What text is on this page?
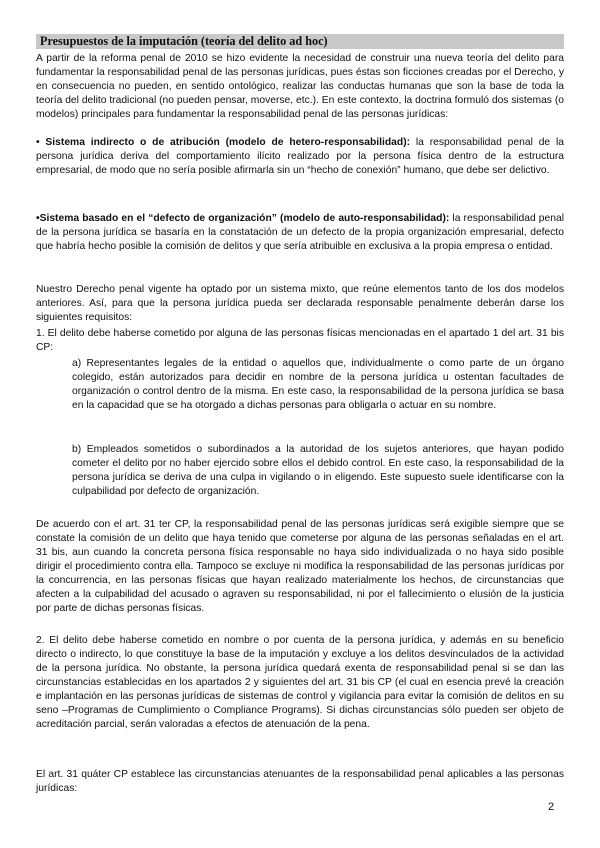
Presupuestos de la imputación (teoría del delito ad hoc)

A partir de la reforma penal de 2010 se hizo evidente la necesidad de construir una nueva teoría del delito para fundamentar la responsabilidad penal de las personas jurídicas, pues éstas son ficciones creadas por el Derecho, y en consecuencia no pueden, en sentido ontológico, realizar las conductas humanas que son la base de toda la teoría del delito tradicional (no pueden pensar, moverse, etc.). En este contexto, la doctrina formuló dos sistemas (o modelos) principales para fundamentar la responsabilidad penal de las personas jurídicas:

• Sistema indirecto o de atribución (modelo de hetero-responsabilidad): la responsabilidad penal de la persona jurídica deriva del comportamiento ilícito realizado por la persona física dentro de la estructura empresarial, de modo que no sería posible afirmarla sin un “hecho de conexión” humano, que debe ser delictivo.

•Sistema basado en el “defecto de organización” (modelo de auto-responsabilidad): la responsabilidad penal de la persona jurídica se basaría en la constatación de un defecto de la propia organización empresarial, defecto que habría hecho posible la comisión de delitos y que sería atribuible en exclusiva a la propia empresa o entidad.

Nuestro Derecho penal vigente ha optado por un sistema mixto, que reúne elementos tanto de los dos modelos anteriores. Así, para que la persona jurídica pueda ser declarada responsable penalmente deberán darse los siguientes requisitos:

1. El delito debe haberse cometido por alguna de las personas físicas mencionadas en el apartado 1 del art. 31 bis CP:

a) Representantes legales de la entidad o aquellos que, individualmente o como parte de un órgano colegido, están autorizados para decidir en nombre de la persona jurídica u ostentan facultades de organización o control dentro de la misma. En este caso, la responsabilidad de la persona jurídica se basa en la capacidad que se ha otorgado a dichas personas para obligarla o actuar en su nombre.

b) Empleados sometidos o subordinados a la autoridad de los sujetos anteriores, que hayan podido cometer el delito por no haber ejercido sobre ellos el debido control. En este caso, la responsabilidad de la persona jurídica se deriva de una culpa in vigilando o in eligendo. Este supuesto suele identificarse con la culpabilidad por defecto de organización.

De acuerdo con el art. 31 ter CP, la responsabilidad penal de las personas jurídicas será exigible siempre que se constate la comisión de un delito que haya tenido que cometerse por alguna de las personas señaladas en el art. 31 bis, aun cuando la concreta persona física responsable no haya sido individualizada o no haya sido posible dirigir el procedimiento contra ella. Tampoco se excluye ni modifica la responsabilidad de las personas jurídicas por la concurrencia, en las personas físicas que hayan realizado materialmente los hechos, de circunstancias que afecten a la culpabilidad del acusado o agraven su responsabilidad, ni por el fallecimiento o elusión de la justicia por parte de dichas personas físicas.

2. El delito debe haberse cometido en nombre o por cuenta de la persona jurídica, y además en su beneficio directo o indirecto, lo que constituye la base de la imputación y excluye a los delitos desvinculados de la actividad de la persona jurídica. No obstante, la persona jurídica quedará exenta de responsabilidad penal si se dan las circunstancias establecidas en los apartados 2 y siguientes del art. 31 bis CP (el cual en esencia prevé la creación e implantación en las personas jurídicas de sistemas de control y vigilancia para evitar la comisión de delitos en su seno –Programas de Cumplimiento o Compliance Programs). Si dichas circunstancias sólo pueden ser objeto de acreditación parcial, serán valoradas a efectos de atenuación de la pena.

El art. 31 quáter CP establece las circunstancias atenuantes de la responsabilidad penal aplicables a las personas jurídicas:

2
